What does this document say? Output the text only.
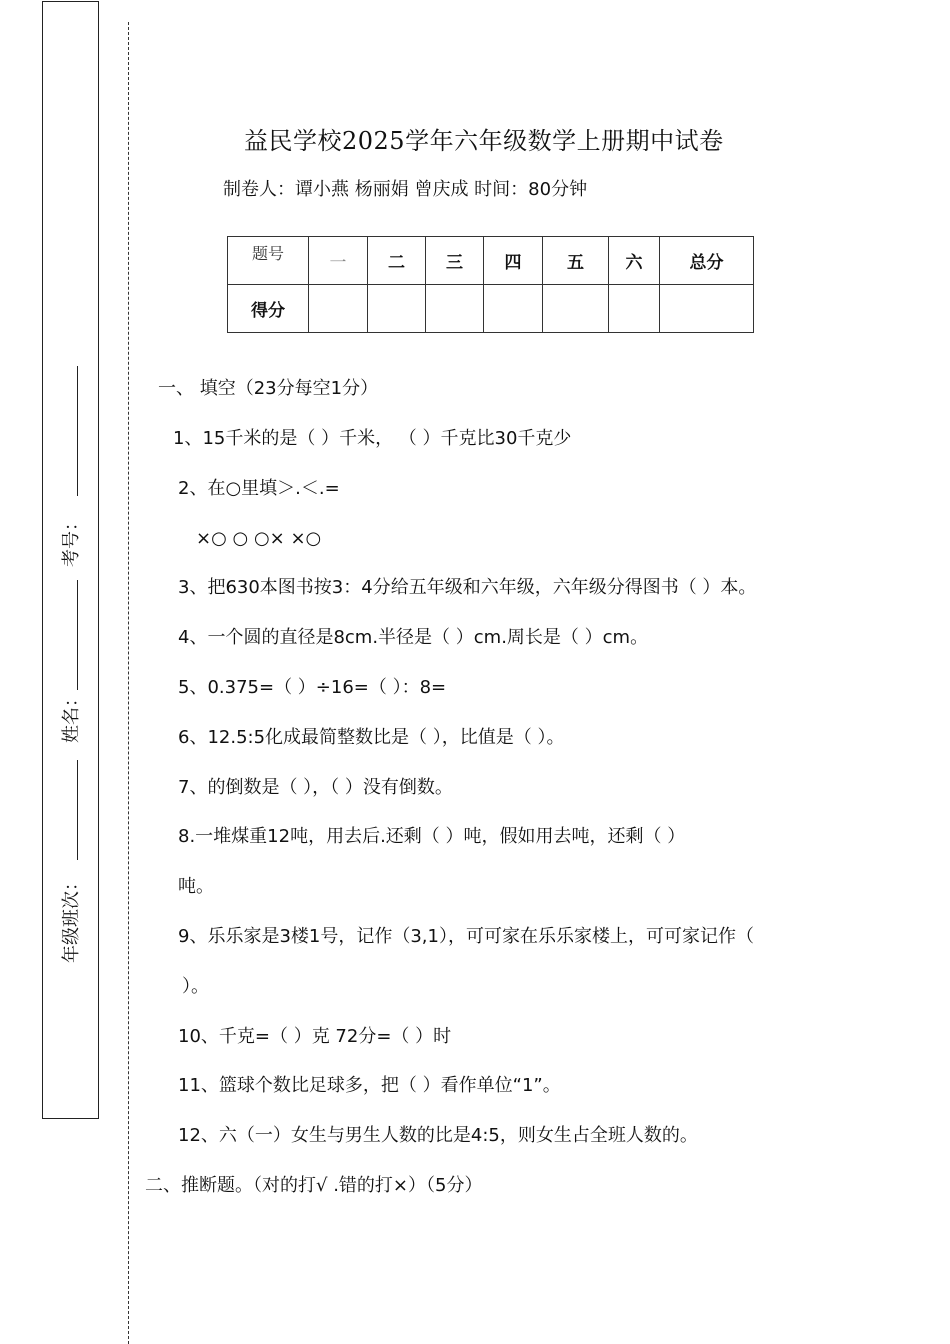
考号：
姓名：
年级班次：
益民学校2025学年六年级数学上册期中试卷
制卷人：谭小燕 杨丽娟 曾庆成 时间：80分钟
题号	一	二	三	四	五	六	总分
得分							
一、 填空（23分每空1分）
1、15千米的是（ ）千米， （ ）千克比30千克少
2、在○里填＞.＜.=
×○ ○ ○× ×○
3、把630本图书按3：4分给五年级和六年级，六年级分得图书（ ）本。
4、一个圆的直径是8cm.半径是（ ）cm.周长是（ ）cm。
5、0.375=（ ）÷16=（ ）：8=
6、12.5:5化成最简整数比是（ ），比值是（ ）。
7、的倒数是（ ），（ ）没有倒数。
8.一堆煤重12吨，用去后.还剩（ ）吨，假如用去吨，还剩（ ）
吨。
9、乐乐家是3楼1号，记作（3,1），可可家在乐乐家楼上，可可家记作（
）。
10、千克=（ ）克 72分=（ ）时
11、篮球个数比足球多，把（ ）看作单位“1”。
12、六（一）女生与男生人数的比是4:5，则女生占全班人数的。
二、推断题。（对的打√ .错的打×）（5分）
